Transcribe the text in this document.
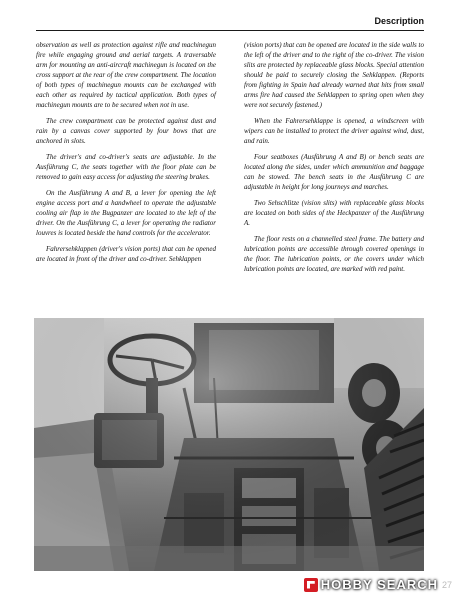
Description

observation as well as protection against rifle and machinegun fire while engaging ground and aerial targets. A traversable arm for mounting an anti-aircraft machinegun is located on the cross support at the rear of the crew compartment. The location of both types of machinegun mounts can be exchanged with each other as required by tactical application. Both types of machinegun mounts are to be secured when not in use.

The crew compartment can be protected against dust and rain by a canvas cover supported by four bows that are anchored in slots.

The driver's and co-driver's seats are adjustable. In the Ausführung C, the seats together with the floor plate can be removed to gain easy access for adjusting the steering brakes.

On the Ausführung A and B, a lever for opening the left engine access port and a handwheel to operate the adjustable cooling air flap in the Bugpanzer are located to the left of the driver. On the Ausführung C, a lever for operating the radiator louvres is located beside the hand controls for the accelerator.

Fahrersehklappen (driver's vision ports) that can be opened are located in front of the driver and co-driver. Sehklappen

(vision ports) that can be opened are located in the side walls to the left of the driver and to the right of the co-driver. The vision slits are protected by replaceable glass blocks. Special attention should be paid to securely closing the Sehklappen. (Reports from fighting in Spain had already warned that hits from small arms fire had caused the Sehklappen to spring open when they were not securely fastened.)

When the Fahrersehklappe is opened, a windscreen with wipers can be installed to protect the driver against wind, dust, and rain.

Four seatboxes (Ausführung A and B) or bench seats are located along the sides, under which ammunition and baggage can be stowed. The bench seats in the Ausführung C are adjustable in height for long journeys and marches.

Two Sehschlitze (vision slits) with replaceable glass blocks are located on both sides of the Heckpanzer of the Ausführung A.

The floor rests on a channelled steel frame. The battery and lubrication points are accessible through covered openings in the floor. The lubrication points, or the covers under which lubrication points are located, are marked with red paint.

HOBBY SEARCH 27
